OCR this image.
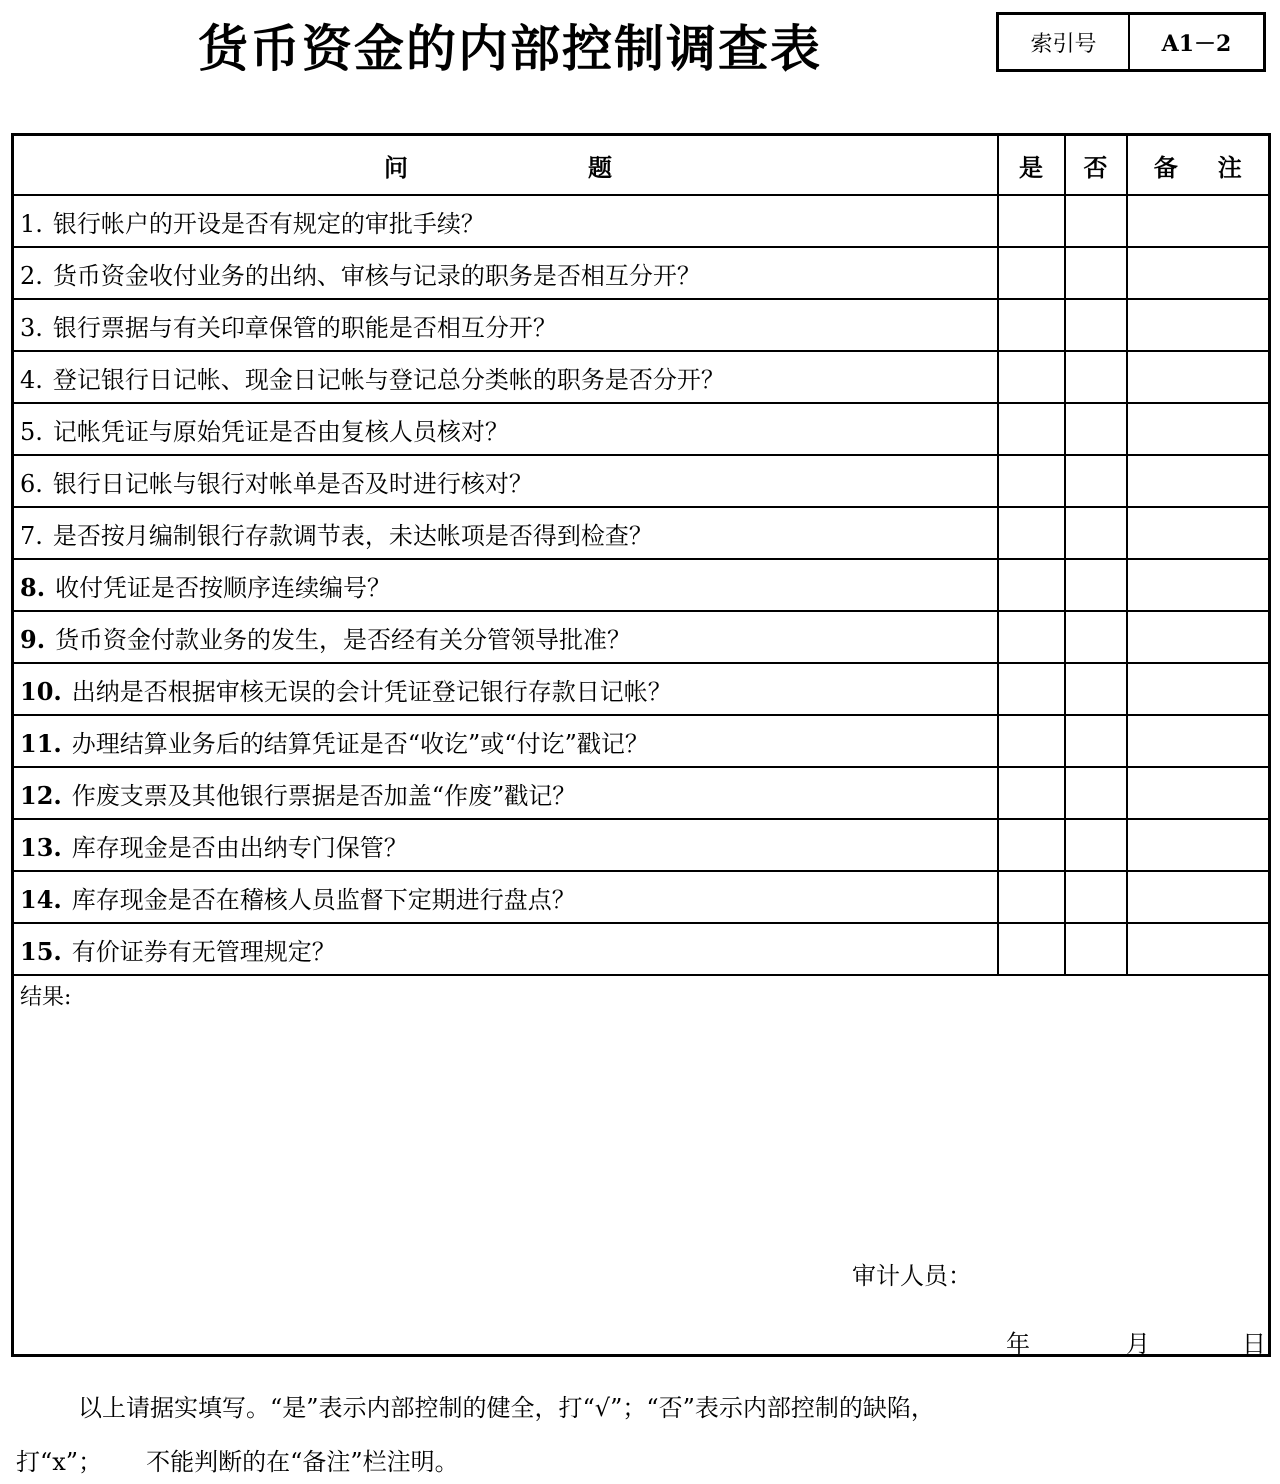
货币资金的内部控制调查表	索引号	A1－2
问 题	是	否	备 注
1. 银行帐户的开设是否有规定的审批手续？			
2. 货币资金收付业务的出纳、审核与记录的职务是否相互分开？			
3. 银行票据与有关印章保管的职能是否相互分开？			
4. 登记银行日记帐、现金日记帐与登记总分类帐的职务是否分开？			
5. 记帐凭证与原始凭证是否由复核人员核对？			
6. 银行日记帐与银行对帐单是否及时进行核对？			
7. 是否按月编制银行存款调节表，未达帐项是否得到检查？			
8. 收付凭证是否按顺序连续编号？			
9. 货币资金付款业务的发生，是否经有关分管领导批准？			
10. 出纳是否根据审核无误的会计凭证登记银行存款日记帐？			
11. 办理结算业务后的结算凭证是否“收讫”或“付讫”戳记？			
12. 作废支票及其他银行票据是否加盖“作废”戳记？			
13. 库存现金是否由出纳专门保管？			
14. 库存现金是否在稽核人员监督下定期进行盘点？			
15. 有价证券有无管理规定？			

结果:
审计人员：
年 月 日			
以上请据实填写。“是”表示内部控制的健全，打“√”；“否”表示内部控制的缺陷，
打“x”； 不能判断的在“备注”栏注明。
